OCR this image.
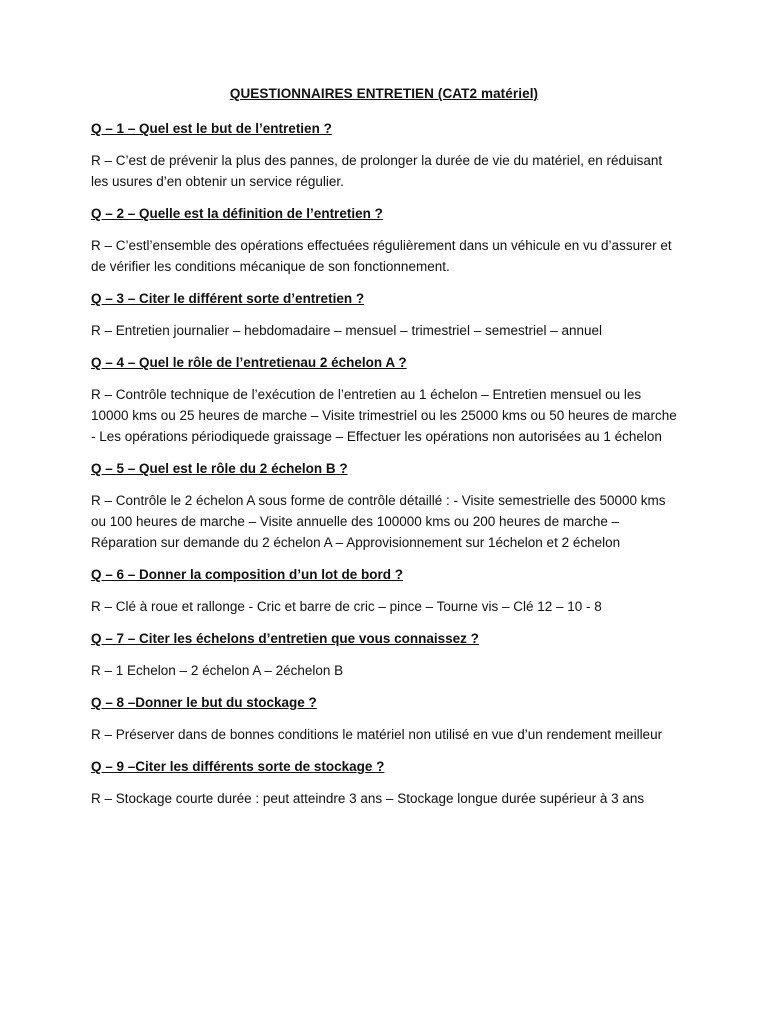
QUESTIONNAIRES ENTRETIEN (CAT2 matériel)

Q – 1 – Quel est le but de l’entretien ?

R – C’est de prévenir la plus des pannes, de prolonger la durée de vie du matériel, en réduisant les usures d’en obtenir un service régulier.

Q – 2 – Quelle est la définition de l’entretien ?

R – C’estl’ensemble des opérations effectuées régulièrement dans un véhicule en vu d’assurer et de vérifier les conditions mécanique de son fonctionnement.

Q – 3 – Citer le différent sorte d’entretien ?

R – Entretien journalier – hebdomadaire – mensuel – trimestriel – semestriel – annuel

Q – 4 – Quel le rôle de l’entretienau 2 échelon A ?

R – Contrôle technique de l’exécution de l’entretien au 1 échelon – Entretien mensuel ou les 10000 kms ou 25 heures de marche – Visite trimestriel ou les 25000 kms ou 50 heures de marche - Les opérations périodiquede graissage – Effectuer les opérations non autorisées au 1 échelon

Q – 5 – Quel est le rôle du 2 échelon B ?

R – Contrôle le 2 échelon A sous forme de contrôle détaillé : - Visite semestrielle des 50000 kms ou 100 heures de marche – Visite annuelle des 100000 kms ou 200 heures de marche – Réparation sur demande du 2 échelon A – Approvisionnement sur 1échelon et 2 échelon

Q – 6 – Donner la composition d’un lot de bord ?

R – Clé à roue et rallonge - Cric et barre de cric – pince – Tourne vis – Clé 12 – 10 - 8

Q – 7 – Citer les échelons d’entretien que vous connaissez ?

R – 1 Echelon – 2 échelon A – 2échelon B

Q – 8 –Donner le but du stockage ?

R – Préserver dans de bonnes conditions le matériel non utilisé en vue d’un rendement meilleur

Q – 9 –Citer les différents sorte de stockage ?

R – Stockage courte durée : peut atteindre 3 ans – Stockage longue durée supérieur à 3 ans
